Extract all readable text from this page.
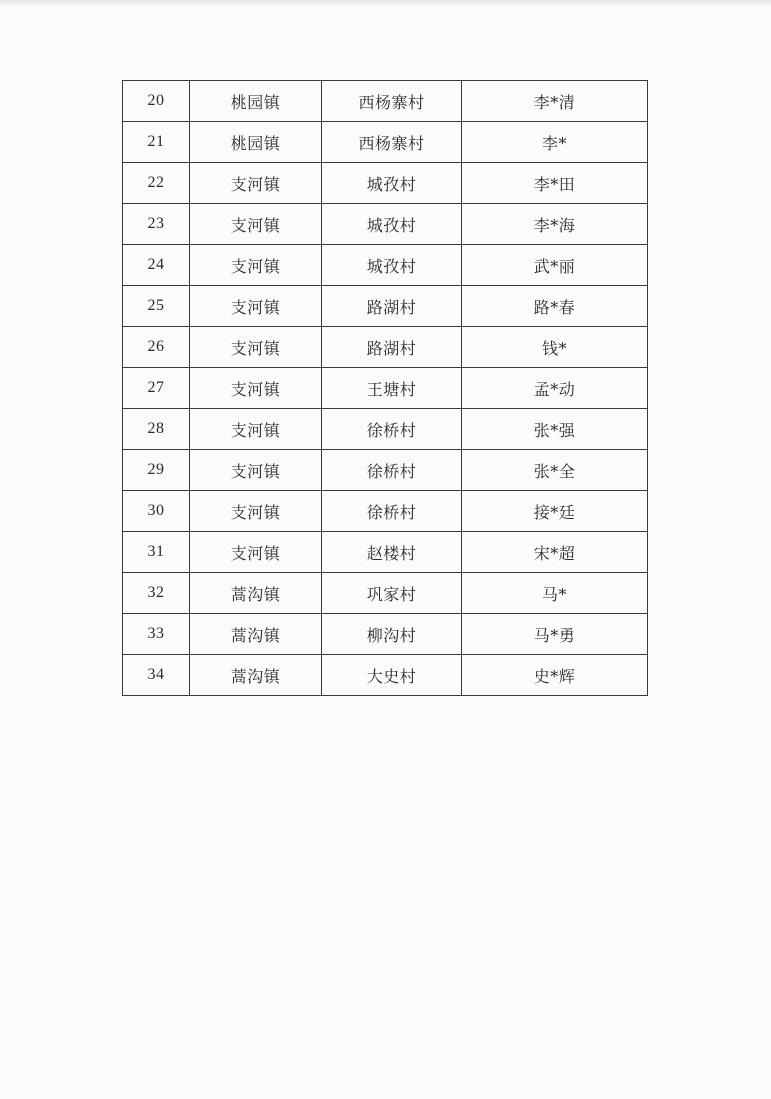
20	桃园镇	西杨寨村	李*清
21	桃园镇	西杨寨村	李*
22	支河镇	城孜村	李*田
23	支河镇	城孜村	李*海
24	支河镇	城孜村	武*丽
25	支河镇	路湖村	路*春
26	支河镇	路湖村	钱*
27	支河镇	王塘村	孟*动
28	支河镇	徐桥村	张*强
29	支河镇	徐桥村	张*全
30	支河镇	徐桥村	接*廷
31	支河镇	赵楼村	宋*超
32	蒿沟镇	巩家村	马*
33	蒿沟镇	柳沟村	马*勇
34	蒿沟镇	大史村	史*辉
